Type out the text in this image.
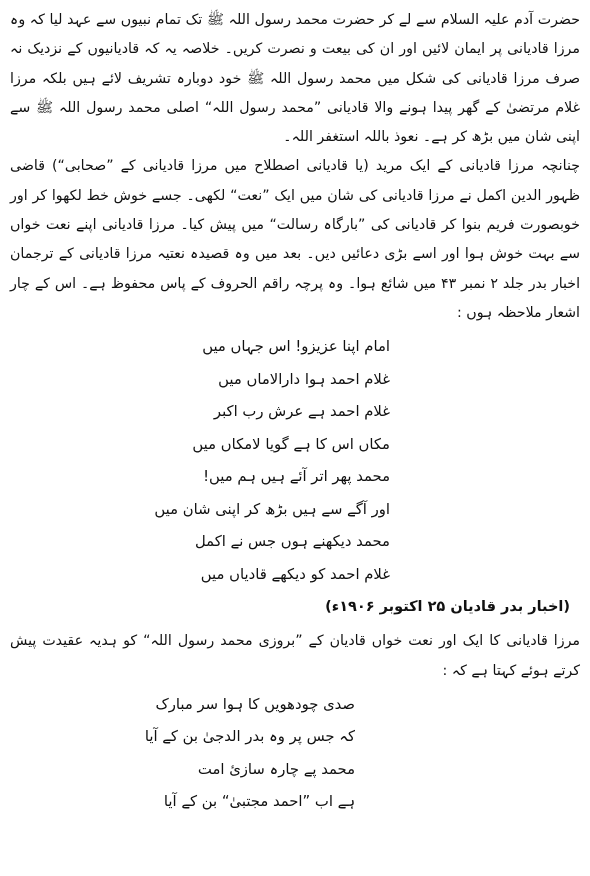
حضرت آدم علیہ السلام سے لے کر حضرت محمد رسول اللہ ﷺ تک تمام نبیوں سے عہد لیا کہ وہ مرزا قادیانی پر ایمان لائیں اور ان کی بیعت و نصرت کریں۔ خلاصہ یہ کہ قادیانیوں کے نزدیک نہ صرف مرزا قادیانی کی شکل میں محمد رسول اللہ ﷺ خود دوبارہ تشریف لائے ہیں بلکہ مرزا غلام مرتضیٰ کے گھر پیدا ہونے والا قادیانی ”محمد رسول اللہ“ اصلی محمد رسول اللہ ﷺ سے اپنی شان میں بڑھ کر ہے۔ نعوذ باللہ استغفر اللہ۔

چنانچہ مرزا قادیانی کے ایک مرید (یا قادیانی اصطلاح میں مرزا قادیانی کے ”صحابی“) قاضی ظہور الدین اکمل نے مرزا قادیانی کی شان میں ایک ”نعت“ لکھی۔ جسے خوش خط لکھوا کر اور خوبصورت فریم بنوا کر قادیانی کی ”بارگاہ رسالت“ میں پیش کیا۔ مرزا قادیانی اپنے نعت خواں سے بہت خوش ہوا اور اسے بڑی دعائیں دیں۔ بعد میں وہ قصیدہ نعتیہ مرزا قادیانی کے ترجمان اخبار بدر جلد ۲ نمبر ۴۳ میں شائع ہوا۔ وہ پرچہ راقم الحروف کے پاس محفوظ ہے۔ اس کے چار اشعار ملاحظہ ہوں :

امام اپنا عزیزو! اس جہاں میں
غلام احمد ہوا دارالاماں میں
غلام احمد ہے عرش رب اکبر
مکاں اس کا ہے گویا لامکاں میں
محمد پھر اتر آئے ہیں ہم میں!
اور آگے سے ہیں بڑھ کر اپنی شان میں
محمد دیکھنے ہوں جس نے اکمل
غلام احمد کو دیکھے قادیاں میں

(اخبار بدر قادیان ۲۵ اکتوبر ۱۹۰۶ء)

مرزا قادیانی کا ایک اور نعت خواں قادیان کے ”بروزی محمد رسول اللہ“ کو ہدیہ عقیدت پیش کرتے ہوئے کہتا ہے کہ :

صدی چودھویں کا ہوا سر مبارک
کہ جس پر وہ بدر الدجیٰ بن کے آیا
محمد پے چارہ سازیٔ امت
ہے اب ”احمد مجتبیٰ“ بن کے آیا
